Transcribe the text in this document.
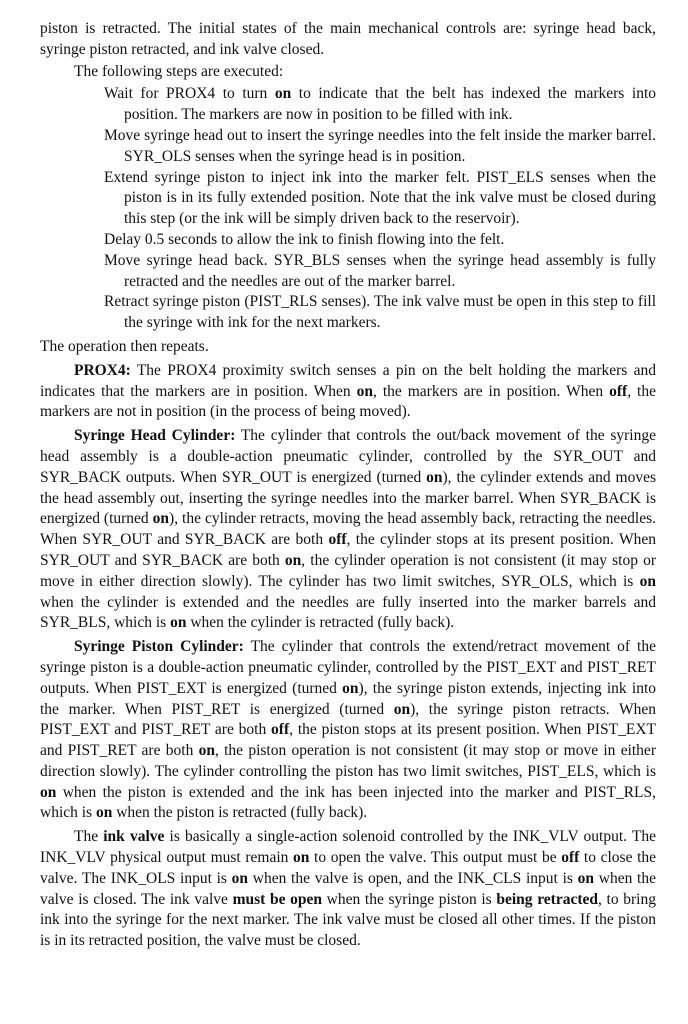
piston is retracted. The initial states of the main mechanical controls are: syringe head back, syringe piston retracted, and ink valve closed.

The following steps are executed:

Wait for PROX4 to turn on to indicate that the belt has indexed the markers into position. The markers are now in position to be filled with ink.
Move syringe head out to insert the syringe needles into the felt inside the marker barrel. SYR_OLS senses when the syringe head is in position.
Extend syringe piston to inject ink into the marker felt. PIST_ELS senses when the piston is in its fully extended position. Note that the ink valve must be closed during this step (or the ink will be simply driven back to the reservoir).
Delay 0.5 seconds to allow the ink to finish flowing into the felt.
Move syringe head back. SYR_BLS senses when the syringe head assembly is fully retracted and the needles are out of the marker barrel.
Retract syringe piston (PIST_RLS senses). The ink valve must be open in this step to fill the syringe with ink for the next markers.

The operation then repeats.

PROX4: The PROX4 proximity switch senses a pin on the belt holding the markers and indicates that the markers are in position. When on, the markers are in position. When off, the markers are not in position (in the process of being moved).

Syringe Head Cylinder: The cylinder that controls the out/back movement of the syringe head assembly is a double-action pneumatic cylinder, controlled by the SYR_OUT and SYR_BACK outputs. When SYR_OUT is energized (turned on), the cylinder extends and moves the head assembly out, inserting the syringe needles into the marker barrel. When SYR_BACK is energized (turned on), the cylinder retracts, moving the head assembly back, retracting the needles. When SYR_OUT and SYR_BACK are both off, the cylinder stops at its present position. When SYR_OUT and SYR_BACK are both on, the cylinder operation is not consistent (it may stop or move in either direction slowly). The cylinder has two limit switches, SYR_OLS, which is on when the cylinder is extended and the needles are fully inserted into the marker barrels and SYR_BLS, which is on when the cylinder is retracted (fully back).

Syringe Piston Cylinder: The cylinder that controls the extend/retract movement of the syringe piston is a double-action pneumatic cylinder, controlled by the PIST_EXT and PIST_RET outputs. When PIST_EXT is energized (turned on), the syringe piston extends, injecting ink into the marker. When PIST_RET is energized (turned on), the syringe piston retracts. When PIST_EXT and PIST_RET are both off, the piston stops at its present position. When PIST_EXT and PIST_RET are both on, the piston operation is not consistent (it may stop or move in either direction slowly). The cylinder controlling the piston has two limit switches, PIST_ELS, which is on when the piston is extended and the ink has been injected into the marker and PIST_RLS, which is on when the piston is retracted (fully back).

The ink valve is basically a single-action solenoid controlled by the INK_VLV output. The INK_VLV physical output must remain on to open the valve. This output must be off to close the valve. The INK_OLS input is on when the valve is open, and the INK_CLS input is on when the valve is closed. The ink valve must be open when the syringe piston is being retracted, to bring ink into the syringe for the next marker. The ink valve must be closed all other times. If the piston is in its retracted position, the valve must be closed.
